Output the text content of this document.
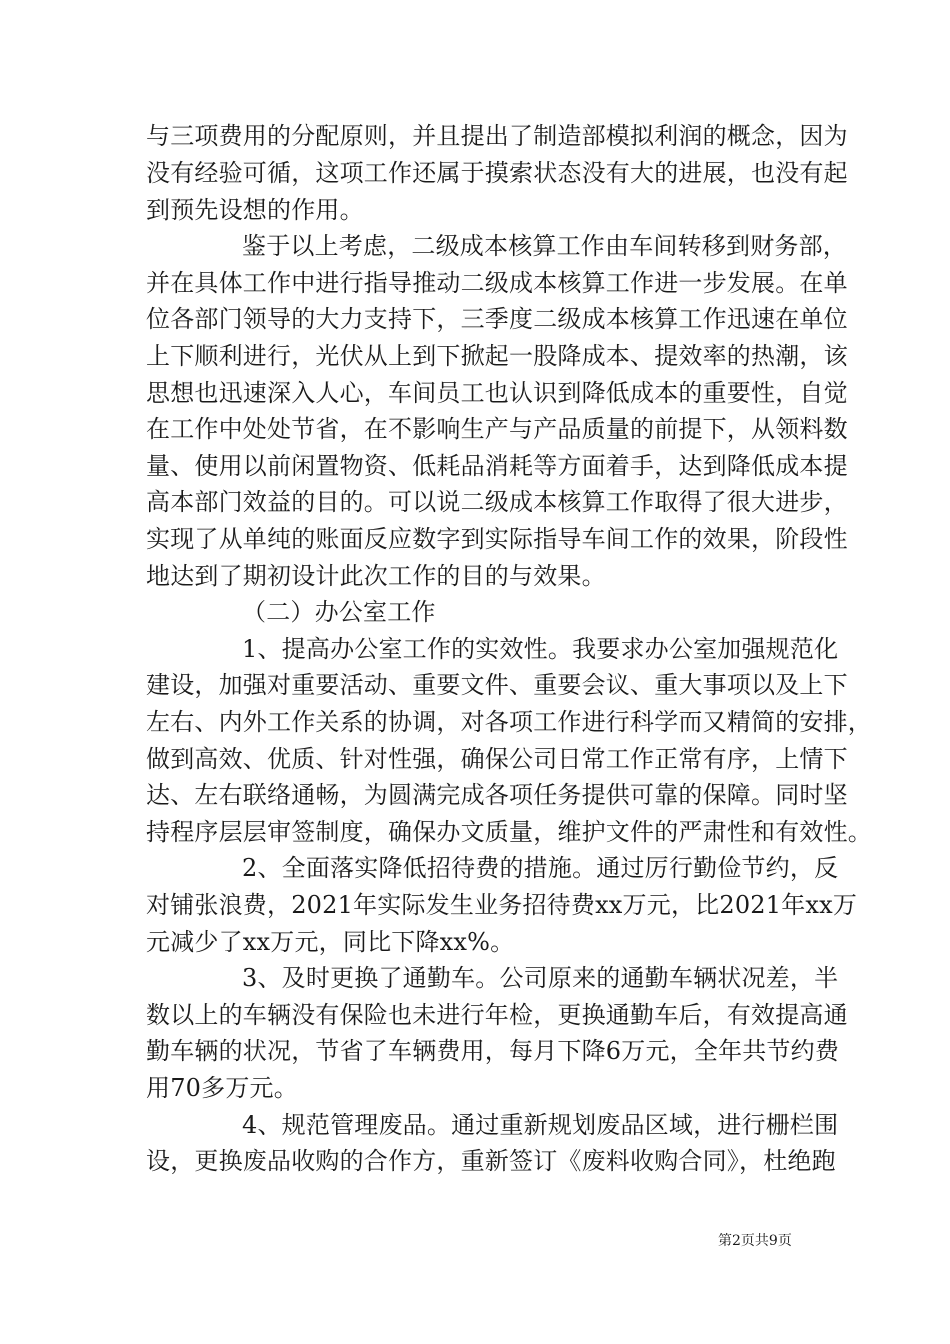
与三项费用的分配原则，并且提出了制造部模拟利润的概念，因为
没有经验可循，这项工作还属于摸索状态没有大的进展，也没有起
到预先设想的作用。
鉴于以上考虑，二级成本核算工作由车间转移到财务部，
并在具体工作中进行指导推动二级成本核算工作进一步发展。在单
位各部门领导的大力支持下，三季度二级成本核算工作迅速在单位
上下顺利进行，光伏从上到下掀起一股降成本、提效率的热潮，该
思想也迅速深入人心，车间员工也认识到降低成本的重要性，自觉
在工作中处处节省，在不影响生产与产品质量的前提下，从领料数
量、使用以前闲置物资、低耗品消耗等方面着手，达到降低成本提
高本部门效益的目的。可以说二级成本核算工作取得了很大进步，
实现了从单纯的账面反应数字到实际指导车间工作的效果，阶段性
地达到了期初设计此次工作的目的与效果。
（二）办公室工作
1、提高办公室工作的实效性。我要求办公室加强规范化
建设，加强对重要活动、重要文件、重要会议、重大事项以及上下
左右、内外工作关系的协调，对各项工作进行科学而又精简的安排，
做到高效、优质、针对性强，确保公司日常工作正常有序，上情下
达、左右联络通畅，为圆满完成各项任务提供可靠的保障。同时坚
持程序层层审签制度，确保办文质量，维护文件的严肃性和有效性。
2、全面落实降低招待费的措施。通过厉行勤俭节约，反
对铺张浪费，2021年实际发生业务招待费xx万元，比2021年xx万
元减少了xx万元，同比下降xx%。
3、及时更换了通勤车。公司原来的通勤车辆状况差，半
数以上的车辆没有保险也未进行年检，更换通勤车后，有效提高通
勤车辆的状况，节省了车辆费用，每月下降6万元，全年共节约费
用70多万元。
4、规范管理废品。通过重新规划废品区域，进行栅栏围
设，更换废品收购的合作方，重新签订《废料收购合同》，杜绝跑
第2页共9页
